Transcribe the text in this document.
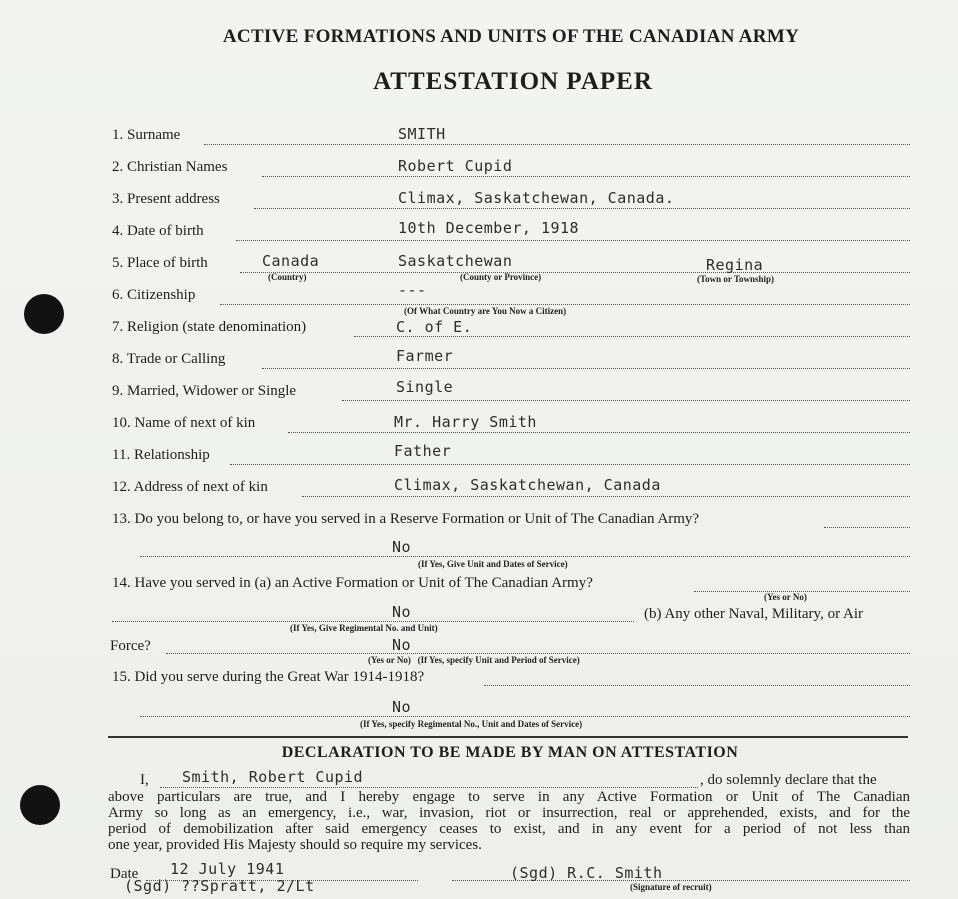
ACTIVE FORMATIONS AND UNITS OF THE CANADIAN ARMY
ATTESTATION PAPER
1. Surname	SMITH
2. Christian Names	Robert Cupid
3. Present address	Climax, Saskatchewan, Canada.
4. Date of birth	10th December, 1918
5. Place of birth	Canada	Saskatchewan	Regina
(Country)	(County or Province)	(Town or Township)
6. Citizenship	---
(Of What Country are You Now a Citizen)
7. Religion (state denomination)	C. of E.
8. Trade or Calling	Farmer
9. Married, Widower or Single	Single
10. Name of next of kin	Mr. Harry Smith
11. Relationship	Father
12. Address of next of kin	Climax, Saskatchewan, Canada
13. Do you belong to, or have you served in a Reserve Formation or Unit of The Canadian Army?
No
(If Yes, Give Unit and Dates of Service)
14. Have you served in (a) an Active Formation or Unit of The Canadian Army?
(Yes or No)
No
(If Yes, Give Regimental No. and Unit)
(b) Any other Naval, Military, or Air
Force?	No
(Yes or No)   (If Yes, specify Unit and Period of Service)
15. Did you serve during the Great War 1914-1918?
No
(If Yes, specify Regimental No., Unit and Dates of Service)
DECLARATION TO BE MADE BY MAN ON ATTESTATION
I, Smith, Robert Cupid	, do solemnly declare that the
above particulars are true, and I hereby engage to serve in any Active Formation or Unit of The Canadian
Army so long as an emergency, i.e., war, invasion, riot or insurrection, real or apprehended, exists, and for the
period of demobilization after said emergency ceases to exist, and in any event for a period of not less than
one year, provided His Majesty should so require my services.
Date 12 July 1941	(Sgd) R.C. Smith
(Signature of recruit)
(Sgd) ??Spratt, 2/Lt
